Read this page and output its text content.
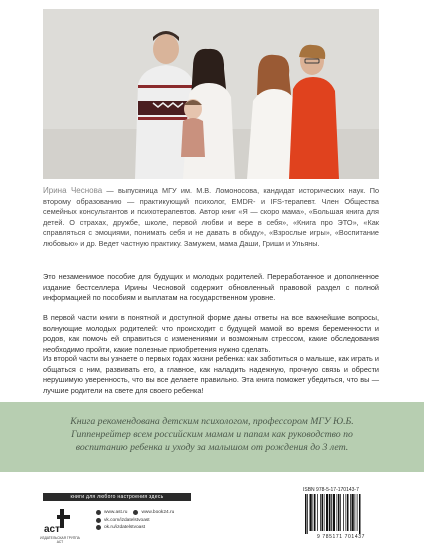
Ирина Чеснова — выпускница МГУ им. М.В. Ломоносова, кандидат исторических наук. По второму образованию — практикующий психолог, EMDR- и IFS-терапевт. Член Общества семейных консультантов и психотерапевтов. Автор книг «Я — скоро мама», «Большая книга для детей. О страхах, дружбе, школе, первой любви и вере в себя», «Книга про ЭТО», «Как справляться с эмоциями, понимать себя и не давать в обиду», «Взрослые игры», «Воспитание любовью» и др. Ведет частную практику. Замужем, мама Даши, Гриши и Ульяны.

Это незаменимое пособие для будущих и молодых родителей. Переработанное и дополненное издание бестселлера Ирины Чесновой содержит обновленный правовой раздел с полной информацией по пособиям и выплатам на государственном уровне.

В первой части книги в понятной и доступной форме даны ответы на все важнейшие вопросы, волнующие молодых родителей: что происходит с будущей мамой во время беременности и родов, как помочь ей справиться с изменениями и возможным стрессом, какие обследования необходимо пройти, какие полезные приобретения нужно сделать.

Из второй части вы узнаете о первых годах жизни ребенка: как заботиться о малыше, как играть и общаться с ним, развивать его, а главное, как наладить надежную, прочную связь и обрести нерушимую уверенность, что вы все делаете правильно. Эта книга поможет убедиться, что вы — лучшие родители на свете для своего ребенка!

Книга рекомендована детским психологом, профессором МГУ Ю.Б. Гиппенрейтер всем российским мамам и папам как руководство по воспитанию ребенка и уходу за малышом от рождения до 3 лет.
книги для любого настроения здесь
аст
ИЗДАТЕЛЬСКАЯ ГРУППА АСТ
www.ast.ru	www.book24.ru
vk.com/izdatelstvoast
ok.ru/izdatelstvoast
ISBN 978-5-17-170143-7
9 785171 701437
